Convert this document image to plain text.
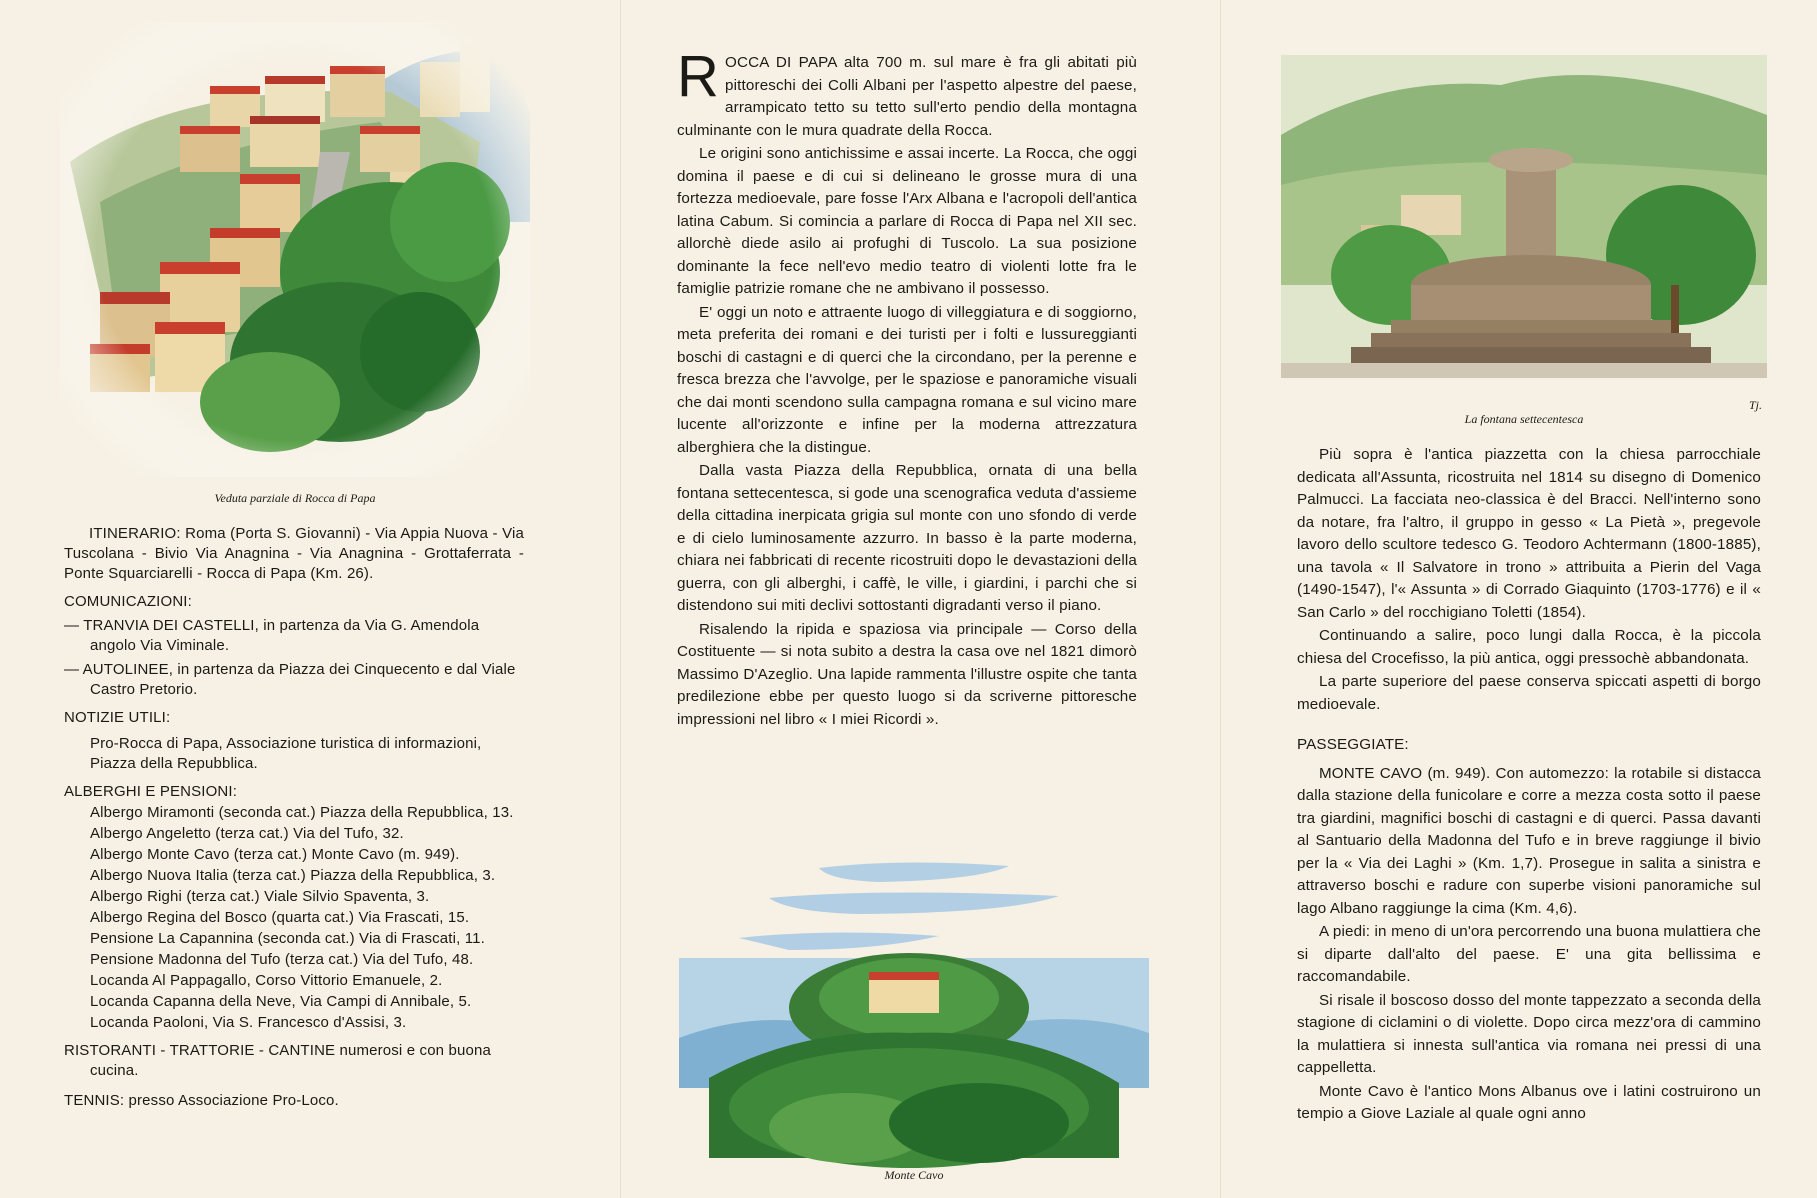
Veduta parziale di Rocca di Papa
ITINERARIO: Roma (Porta S. Giovanni) - Via Appia Nuova - Via Tuscolana - Bivio Via Anagnina - Via Anagnina - Grottaferrata - Ponte Squarciarelli - Rocca di Papa (Km. 26).
COMUNICAZIONI:
— TRANVIA DEI CASTELLI, in partenza da Via G. Amendola angolo Via Viminale.
— AUTOLINEE, in partenza da Piazza dei Cinquecento e dal Viale Castro Pretorio.
NOTIZIE UTILI:
Pro-Rocca di Papa, Associazione turistica di informazioni, Piazza della Repubblica.
ALBERGHI E PENSIONI:
Albergo Miramonti (seconda cat.) Piazza della Repubblica, 13.
Albergo Angeletto (terza cat.) Via del Tufo, 32.
Albergo Monte Cavo (terza cat.) Monte Cavo (m. 949).
Albergo Nuova Italia (terza cat.) Piazza della Repubblica, 3.
Albergo Righi (terza cat.) Viale Silvio Spaventa, 3.
Albergo Regina del Bosco (quarta cat.) Via Frascati, 15.
Pensione La Capannina (seconda cat.) Via di Frascati, 11.
Pensione Madonna del Tufo (terza cat.) Via del Tufo, 48.
Locanda Al Pappagallo, Corso Vittorio Emanuele, 2.
Locanda Capanna della Neve, Via Campi di Annibale, 5.
Locanda Paoloni, Via S. Francesco d'Assisi, 3.
RISTORANTI - TRATTORIE - CANTINE numerosi e con buona cucina.
TENNIS: presso Associazione Pro-Loco.

ROCCA DI PAPA alta 700 m. sul mare è fra gli abitati più pittoreschi dei Colli Albani per l'aspetto alpestre del paese, arrampicato tetto su tetto sull'erto pendio della montagna culminante con le mura quadrate della Rocca.

Le origini sono antichissime e assai incerte. La Rocca, che oggi domina il paese e di cui si delineano le grosse mura di una fortezza medioevale, pare fosse l'Arx Albana e l'acropoli dell'antica latina Cabum. Si comincia a parlare di Rocca di Papa nel XII sec. allorchè diede asilo ai profughi di Tuscolo. La sua posizione dominante la fece nell'evo medio teatro di violenti lotte fra le famiglie patrizie romane che ne ambivano il possesso.

E' oggi un noto e attraente luogo di villeggiatura e di soggiorno, meta preferita dei romani e dei turisti per i folti e lussureggianti boschi di castagni e di querci che la circondano, per la perenne e fresca brezza che l'avvolge, per le spaziose e panoramiche visuali che dai monti scendono sulla campagna romana e sul vicino mare lucente all'orizzonte e infine per la moderna attrezzatura alberghiera che la distingue.

Dalla vasta Piazza della Repubblica, ornata di una bella fontana settecentesca, si gode una scenografica veduta d'assieme della cittadina inerpicata grigia sul monte con uno sfondo di verde e di cielo luminosamente azzurro. In basso è la parte moderna, chiara nei fabbricati di recente ricostruiti dopo le devastazioni della guerra, con gli alberghi, i caffè, le ville, i giardini, i parchi che si distendono sui miti declivi sottostanti digradanti verso il piano.

Risalendo la ripida e spaziosa via principale — Corso della Costituente — si nota subito a destra la casa ove nel 1821 dimorò Massimo D'Azeglio. Una lapide rammenta l'illustre ospite che tanta predilezione ebbe per questo luogo si da scriverne pittoresche impressioni nel libro « I miei Ricordi ».

Monte Cavo
La fontana settecentesca
Tj.

Più sopra è l'antica piazzetta con la chiesa parrocchiale dedicata all'Assunta, ricostruita nel 1814 su disegno di Domenico Palmucci. La facciata neo-classica è del Bracci. Nell'interno sono da notare, fra l'altro, il gruppo in gesso « La Pietà », pregevole lavoro dello scultore tedesco G. Teodoro Achtermann (1800-1885), una tavola « Il Salvatore in trono » attribuita a Pierin del Vaga (1490-1547), l'« Assunta » di Corrado Giaquinto (1703-1776) e il « San Carlo » del rocchigiano Toletti (1854).

Continuando a salire, poco lungi dalla Rocca, è la piccola chiesa del Crocefisso, la più antica, oggi pressochè abbandonata.

La parte superiore del paese conserva spiccati aspetti di borgo medioevale.

PASSEGGIATE:

MONTE CAVO (m. 949). Con automezzo: la rotabile si distacca dalla stazione della funicolare e corre a mezza costa sotto il paese tra giardini, magnifici boschi di castagni e di querci. Passa davanti al Santuario della Madonna del Tufo e in breve raggiunge il bivio per la « Via dei Laghi » (Km. 1,7). Prosegue in salita a sinistra e attraverso boschi e radure con superbe visioni panoramiche sul lago Albano raggiunge la cima (Km. 4,6).

A piedi: in meno di un'ora percorrendo una buona mulattiera che si diparte dall'alto del paese. E' una gita bellissima e raccomandabile.

Si risale il boscoso dosso del monte tappezzato a seconda della stagione di ciclamini o di violette. Dopo circa mezz'ora di cammino la mulattiera si innesta sull'antica via romana nei pressi di una cappelletta.

Monte Cavo è l'antico Mons Albanus ove i latini costruirono un tempio a Giove Laziale al quale ogni anno
